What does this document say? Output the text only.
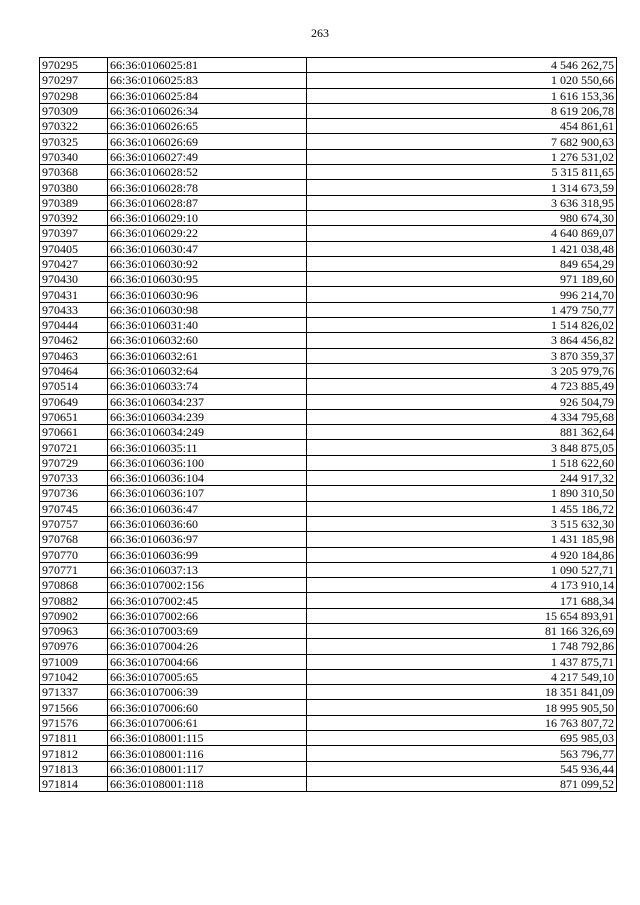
263
970295	66:36:0106025:81	4 546 262,75
970297	66:36:0106025:83	1 020 550,66
970298	66:36:0106025:84	1 616 153,36
970309	66:36:0106026:34	8 619 206,78
970322	66:36:0106026:65	454 861,61
970325	66:36:0106026:69	7 682 900,63
970340	66:36:0106027:49	1 276 531,02
970368	66:36:0106028:52	5 315 811,65
970380	66:36:0106028:78	1 314 673,59
970389	66:36:0106028:87	3 636 318,95
970392	66:36:0106029:10	980 674,30
970397	66:36:0106029:22	4 640 869,07
970405	66:36:0106030:47	1 421 038,48
970427	66:36:0106030:92	849 654,29
970430	66:36:0106030:95	971 189,60
970431	66:36:0106030:96	996 214,70
970433	66:36:0106030:98	1 479 750,77
970444	66:36:0106031:40	1 514 826,02
970462	66:36:0106032:60	3 864 456,82
970463	66:36:0106032:61	3 870 359,37
970464	66:36:0106032:64	3 205 979,76
970514	66:36:0106033:74	4 723 885,49
970649	66:36:0106034:237	926 504,79
970651	66:36:0106034:239	4 334 795,68
970661	66:36:0106034:249	881 362,64
970721	66:36:0106035:11	3 848 875,05
970729	66:36:0106036:100	1 518 622,60
970733	66:36:0106036:104	244 917,32
970736	66:36:0106036:107	1 890 310,50
970745	66:36:0106036:47	1 455 186,72
970757	66:36:0106036:60	3 515 632,30
970768	66:36:0106036:97	1 431 185,98
970770	66:36:0106036:99	4 920 184,86
970771	66:36:0106037:13	1 090 527,71
970868	66:36:0107002:156	4 173 910,14
970882	66:36:0107002:45	171 688,34
970902	66:36:0107002:66	15 654 893,91
970963	66:36:0107003:69	81 166 326,69
970976	66:36:0107004:26	1 748 792,86
971009	66:36:0107004:66	1 437 875,71
971042	66:36:0107005:65	4 217 549,10
971337	66:36:0107006:39	18 351 841,09
971566	66:36:0107006:60	18 995 905,50
971576	66:36:0107006:61	16 763 807,72
971811	66:36:0108001:115	695 985,03
971812	66:36:0108001:116	563 796,77
971813	66:36:0108001:117	545 936,44
971814	66:36:0108001:118	871 099,52
